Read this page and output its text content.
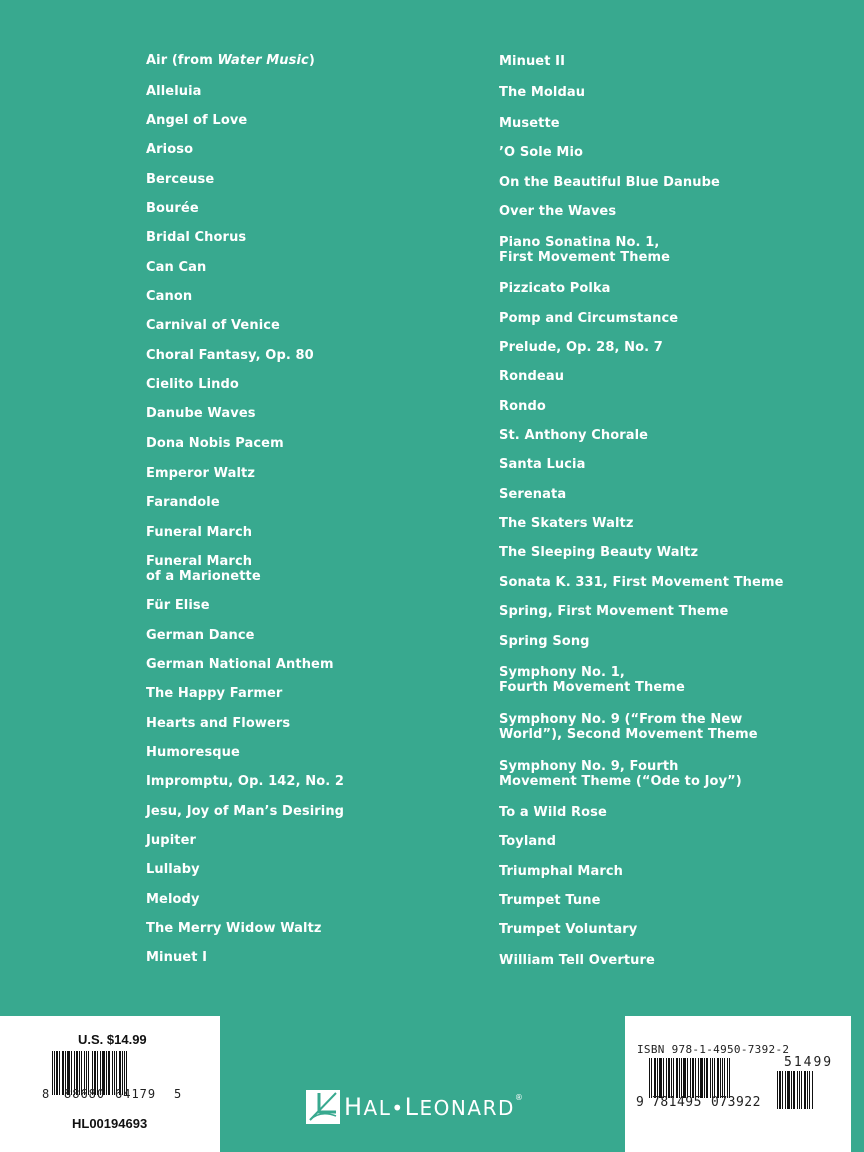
Air (from Water Music)
Alleluia
Angel of Love
Arioso
Berceuse
Bourée
Bridal Chorus
Can Can
Canon
Carnival of Venice
Choral Fantasy, Op. 80
Cielito Lindo
Danube Waves
Dona Nobis Pacem
Emperor Waltz
Farandole
Funeral March
Funeral March
of a Marionette
Für Elise
German Dance
German National Anthem
The Happy Farmer
Hearts and Flowers
Humoresque
Impromptu, Op. 142, No. 2
Jesu, Joy of Man’s Desiring
Jupiter
Lullaby
Melody
The Merry Widow Waltz
Minuet I
Minuet II
The Moldau
Musette
’O Sole Mio
On the Beautiful Blue Danube
Over the Waves
Piano Sonatina No. 1,
First Movement Theme
Pizzicato Polka
Pomp and Circumstance
Prelude, Op. 28, No. 7
Rondeau
Rondo
St. Anthony Chorale
Santa Lucia
Serenata
The Skaters Waltz
The Sleeping Beauty Waltz
Sonata K. 331, First Movement Theme
Spring, First Movement Theme
Spring Song
Symphony No. 1,
Fourth Movement Theme
Symphony No. 9 (“From the New
World”), Second Movement Theme
Symphony No. 9, Fourth
Movement Theme (“Ode to Joy”)
To a Wild Rose
Toyland
Triumphal March
Trumpet Tune
Trumpet Voluntary
William Tell Overture
U.S. $14.99
8 88680 64179 5
HL00194693
ISBN 978-1-4950-7392-2
51499
9 781495 073922
HAL•LEONARD®
